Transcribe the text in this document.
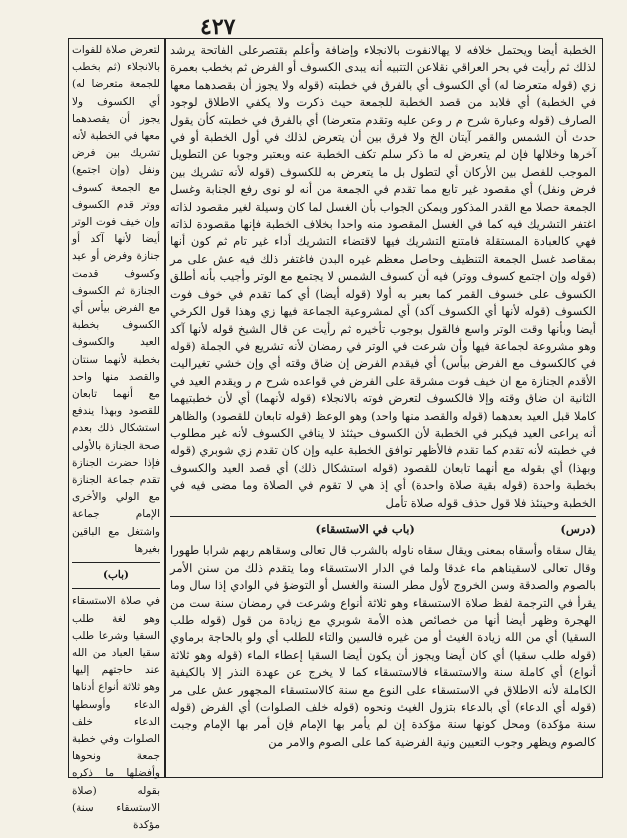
٤٢٧

الخطبة أيضا ويحتمل خلافه لا يهالانفوت بالانجلاء وإضافة وأعلم بقتصرعلى الفاتحة يرشد لذلك ثم رأيت في بحر العراقي نقلاعن التتبيه أنه يبدى الكسوف أو الفرض ثم بخطب بعمرة زي (قوله متعرضا له) أي الكسوف أي بالفرق في خطبته (قوله ولا يجوز أن بقصدهما معها في الخطبة) أي فلابد من قصد الخطبة للجمعة حيث ذكرت ولا يكفي الاطلاق لوجود الصارف (قوله وعبارة شرح م ر وعن عليه وتقدم متعرضا) أي بالفرق في خطبته كأن يقول حدث أن الشمس والقمر آيتان الخ ولا فرق بين أن يتعرض لذلك في أول الخطبة أو في آخرها وخلالها فإن لم يتعرض له ما ذكر سلم تكف الخطبة عنه وبعتبر وجوبا عن التطويل الموجب للفصل بين الأركان أي لتطول بل ما يتعرض به للكسوف (قوله لأنه تشريك بين فرض ونفل) أي مقصود غير تابع مما تقدم في الجمعة من أنه لو نوى رفع الجنابة وغسل الجمعة حصلا مع القدر المذكور ويمكن الجواب بأن الغسل لما كان وسيلة لغير مقصود لذاته اغتفر التشريك فيه كما في الغسل المقصود منه واحدا بخلاف الخطبة فإنها مقصودة لذاته فهي كالعبادة المستقلة فامتنع التشريك فيها لاقتضاء التشريك أداء غير تام ثم كون أنها بمقاصد غسل الجمعة التنظيف وحاصل معظم غيره البدن فاغتفر ذلك فيه عش على مر (قوله وإن اجتمع كسوف ووتر) فيه أن كسوف الشمس لا يجتمع مع الوتر وأجيب بأنه أطلق الكسوف على خسوف القمر كما بعبر به أولا (قوله أيضا) أي كما تقدم في خوف فوت الكسوف (قوله لأنها أي الكسوف آكد) أي لمشروعية الجماعة فيها زي وهذا قول الكرخي أيضا وبأنها وقت الوتر واسع فالقول بوجوب تأخيره ثم رأيت عن قال الشيخ قوله لأنها آكد وهو مشروعة لجماعة فيها وأن شرعت في الوتر في رمضان لأنه تشريع في الجملة (قوله في كالكسوف مع الفرض بيأس) أي فيقدم الفرض إن ضاق وقته أي وإن خشي تغيراليت الأقدم الجنازة مع ان خيف فوت مشرقة على الفرض في قواعده شرح م ر ويقدم العيد في الثانية ان ضاق وقته وإلا فالكسوف لتعرض فوته بالانجلاء (قوله لأنهما) أي لأن خطبتيهما كاملا قبل العيد بعدهما (قوله والقصد منها واحد) وهو الوعظ (قوله تابعان للقصود) والظاهر أنه يراعى العيد فيكبر في الخطبة لأن الكسوف حيثئذ لا ينافي الكسوف لأنه غير مطلوب في خطبته لأنه تقدم كما تقدم فالأظهر توافق الخطبة عليه وإن كان تقدم زي شوبري (قوله وبهذا) أي بقوله مع أنهما تابعان للقصود (قوله استشكال ذلك) أي قصد العيد والكسوف بخطبة واحدة (قوله بقية صلاة واحدة) أي إذ هي لا تقوم في الصلاة وما مضى فيه في الخطبة وحينئذ فلا قول حذف قوله صلاة تأمل

(درس)
(باب في الاستسقاء)

يقال سقاه وأسقاه بمعنى ويقال سقاه ناوله بالشرب قال تعالى وسقاهم ربهم شرابا طهورا وقال تعالى لاسقيناهم ماء غدقا ولما في الدار الاستسقاء وما يتقدم ذلك من سنن الأمر بالصوم والصدقة وسن الخروج لأول مطر السنة والغسل أو التوضؤ في الوادي إذا سال وما يقرأ في الترجمة لفظ صلاة الاستسقاء وهو ثلاثة أنواع وشرعت في رمضان سنة ست من الهجرة وظهر أيضا أنها من خصائص هذه الأمة شوبري مع زيادة من قول (قوله طلب السقيا) أي من الله زيادة الغيث أو من غيره فالسين والتاء للطلب أي ولو بالحاجة برماوي (قوله طلب سقيا) أي كان أيضا ويجوز أن يكون أيضا السقيا إعطاء الماء (قوله وهو ثلاثة أنواع) أي كاملة سنة والاستسقاء فالاستسقاء كما لا يخرج عن عهدة النذر إلا بالكيفية الكاملة لأنه الاطلاق في الاستسقاء على النوع مع سنة كالاستسقاء المجهور عش على مر (قوله أي الدعاء) أي بالدعاء بتزول الغيث ونحوه (قوله خلف الصلوات) أي الفرض (قوله سنة مؤكدة) ومحل كونها سنة مؤكدة إن لم يأمر بها الإمام فإن أمر بها الإمام وجبت كالصوم ويظهر وجوب التعيين ونية الفرضية كما على الصوم والامر من

لتعرض صلاة للفوات بالانجلاء (ثم بخطب للجمعة متعرضا له) أي الكسوف ولا يجوز أن يقصدهما معها في الخطبة لأنه تشريك بين فرض ونفل (وإن اجتمع) مع الجمعة كسوف ووتر قدم الكسوف وإن خيف فوت الوتر أيضا لأنها آكد أو جنازة وفرض أو عيد وكسوف قدمت الجنازة ثم الكسوف مع الفرض بيأس أي الكسوف بخطبة العيد والكسوف بخطبة لأنهما سنتان والقصد منها واحد مع أنهما تابعان للقصود وبهذا يندفع استشكال ذلك بعدم صحة الجنازة بالأولى فإذا حضرت الجنازة تقدم جماعة الجنازة مع الولي والأخرى الإمام جماعة واشتغل مع الباقين بغيرها

(باب)

في صلاة الاستسقاء وهو لغة طلب السقيا وشرعا طلب سقيا العباد من الله عند حاجتهم إليها وهو ثلاثة أنواع أدناها الدعاء وأوسطها الدعاء خلف الصلوات وفي خطبة جمعة ونحوها وأفضلها ما ذكره بقوله (صلاة الاستسقاء سنة) مؤكدة
